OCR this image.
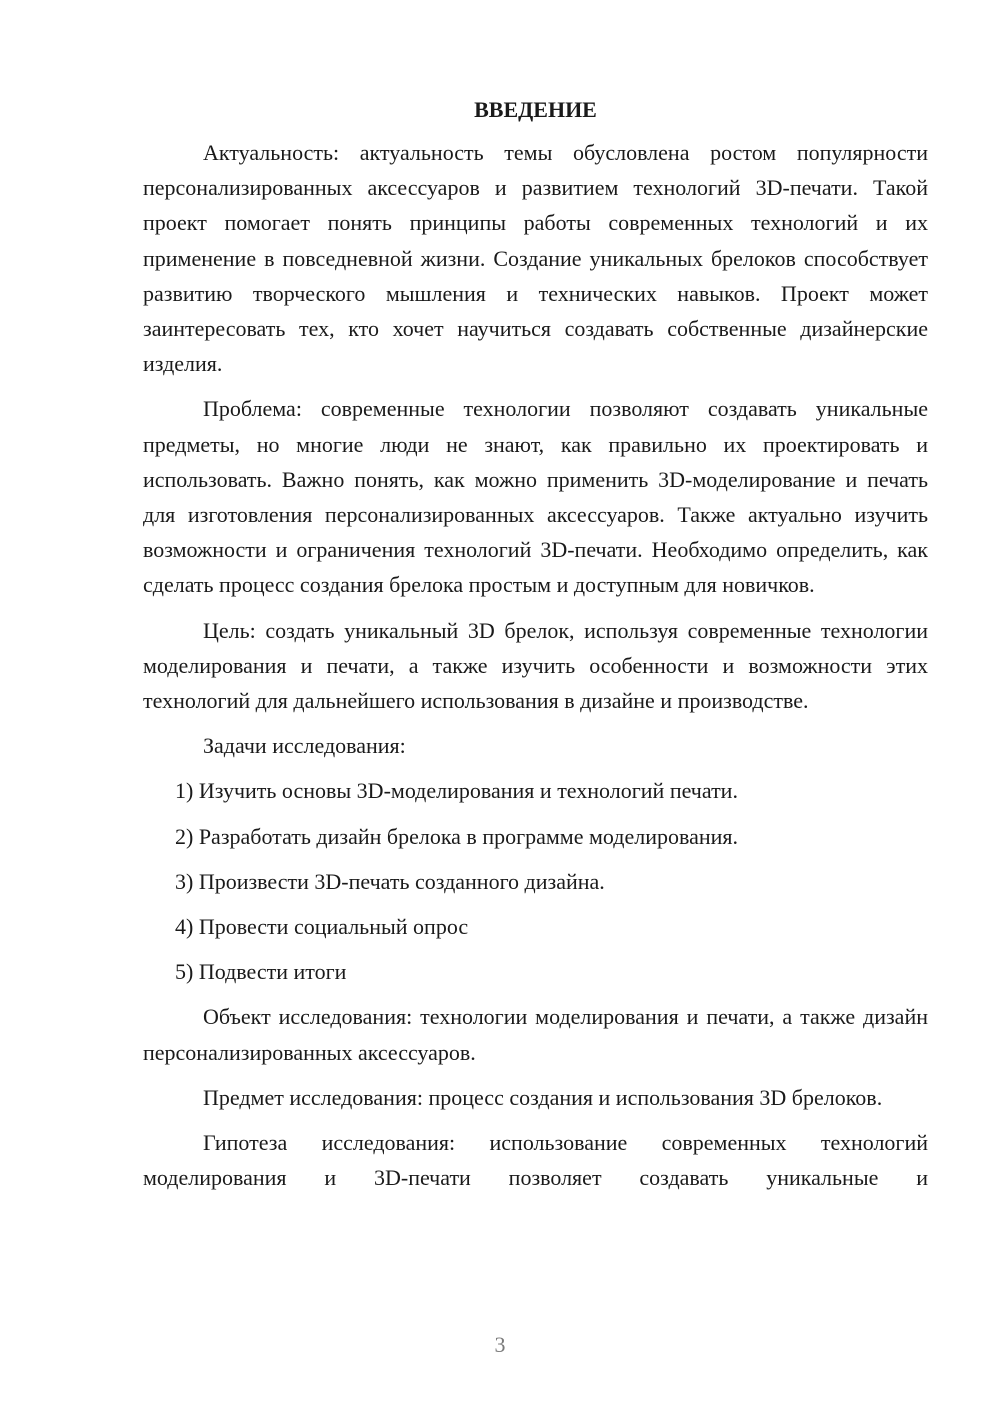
ВВЕДЕНИЕ

Актуальность: актуальность темы обусловлена ростом популярности персонализированных аксессуаров и развитием технологий 3D-печати. Такой проект помогает понять принципы работы современных технологий и их применение в повседневной жизни. Создание уникальных брелоков способствует развитию творческого мышления и технических навыков. Проект может заинтересовать тех, кто хочет научиться создавать собственные дизайнерские изделия.

Проблема: современные технологии позволяют создавать уникальные предметы, но многие люди не знают, как правильно их проектировать и использовать. Важно понять, как можно применить 3D-моделирование и печать для изготовления персонализированных аксессуаров. Также актуально изучить возможности и ограничения технологий 3D-печати. Необходимо определить, как сделать процесс создания брелока простым и доступным для новичков.

Цель: создать уникальный 3D брелок, используя современные технологии моделирования и печати, а также изучить особенности и возможности этих технологий для дальнейшего использования в дизайне и производстве.

Задачи исследования:

1) Изучить основы 3D-моделирования и технологий печати.

2) Разработать дизайн брелока в программе моделирования.

3) Произвести 3D-печать созданного дизайна.

4) Провести социальный опрос

5) Подвести итоги

Объект исследования: технологии моделирования и печати, а также дизайн персонализированных аксессуаров.

Предмет исследования: процесс создания и использования 3D брелоков.

Гипотеза исследования: использование современных технологий моделирования и 3D-печати позволяет создавать уникальные и

3
